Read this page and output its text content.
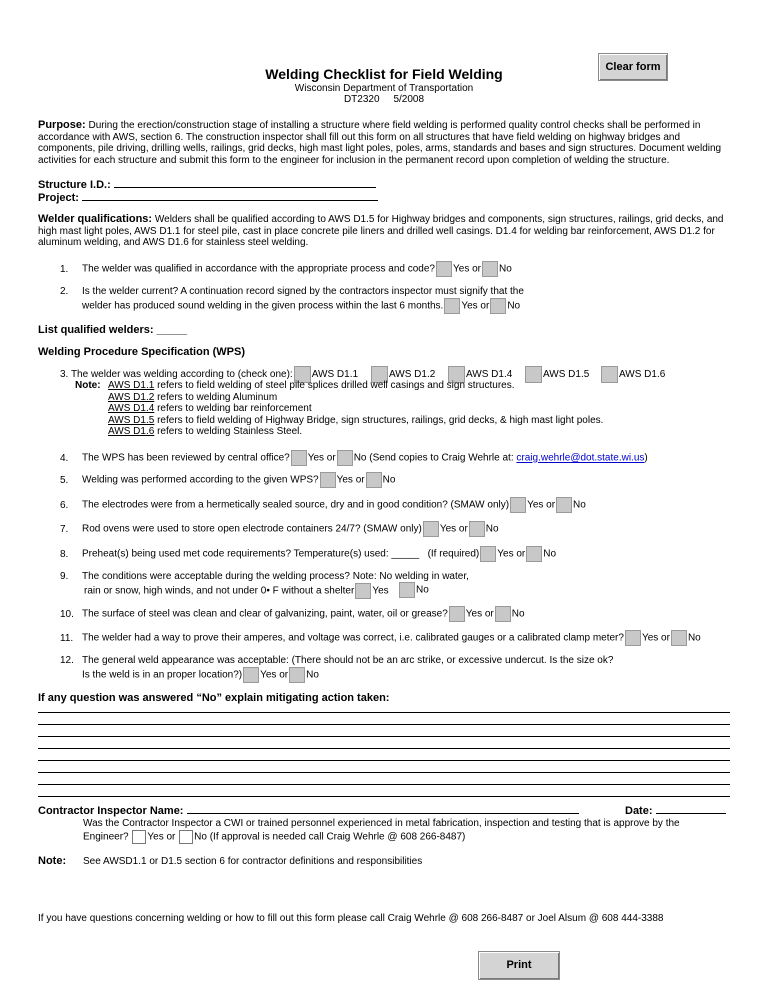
Clear form
Print
Welding Checklist for Field Welding
Wisconsin Department of Transportation
DT2320 5/2008
Purpose: During the erection/construction stage of installing a structure where field welding is performed quality control checks shall be performed in accordance with AWS, section 6. The construction inspector shall fill out this form on all structures that have field welding on highway bridges and components, pile driving, drilling wells, railings, grid decks, high mast light poles, poles, arms, standards and bases and sign structures. Document welding activities for each structure and submit this form to the engineer for inclusion in the permanent record upon completion of welding the structure.
Structure I.D.:
Project:
Welder qualifications: Welders shall be qualified according to AWS D1.5 for Highway bridges and components, sign structures, railings, grid decks, and high mast light poles, AWS D1.1 for steel pile, cast in place concrete pile liners and drilled well casings. D1.4 for welding bar reinforcement, AWS D1.2 for aluminum welding, and AWS D1.6 for stainless steel welding.
1. The welder was qualified in accordance with the appropriate process and code? Yes or No
2. Is the welder current? A continuation record signed by the contractors inspector must signify that the
welder has produced sound welding in the given process within the last 6 months. Yes or No
List qualified welders: _____
Welding Procedure Specification (WPS)
3. The welder was welding according to (check one): AWS D1.1	AWS D1.2	AWS D1.4	AWS D1.5	AWS D1.6
Note: AWS D1.1 refers to field welding of steel pile splices drilled well casings and sign structures.
AWS D1.2 refers to welding Aluminum
AWS D1.4 refers to welding bar reinforcement
AWS D1.5 refers to field welding of Highway Bridge, sign structures, railings, grid decks, & high mast light poles.
AWS D1.6 refers to welding Stainless Steel.
4. The WPS has been reviewed by central office? Yes or No (Send copies to Craig Wehrle at: craig.wehrle@dot.state.wi.us)
5. Welding was performed according to the given WPS? Yes or No
6. The electrodes were from a hermetically sealed source, dry and in good condition? (SMAW only) Yes or No
7. Rod ovens were used to store open electrode containers 24/7? (SMAW only) Yes or No
8. Preheat(s) being used met code requirements? Temperature(s) used: _____ (If required) Yes or No
9. The conditions were acceptable during the welding process? Note: No welding in water,
rain or snow, high winds, and not under 0• F without a shelter Yes	No
10. The surface of steel was clean and clear of galvanizing, paint, water, oil or grease? Yes or No
11. The welder had a way to prove their amperes, and voltage was correct, i.e. calibrated gauges or a calibrated clamp meter? Yes or No
12. The general weld appearance was acceptable: (There should not be an arc strike, or excessive undercut. Is the size ok?
Is the weld is in an proper location?) Yes or No
If any question was answered “No” explain mitigating action taken:
Contractor Inspector Name:	Date:
Was the Contractor Inspector a CWI or trained personnel experienced in metal fabrication, inspection and testing that is approve by the
Engineer? Yes or No (If approval is needed call Craig Wehrle @ 608 266-8487)
Note: See AWSD1.1 or D1.5 section 6 for contractor definitions and responsibilities
If you have questions concerning welding or how to fill out this form please call Craig Wehrle @ 608 266-8487 or Joel Alsum @ 608 444-3388
